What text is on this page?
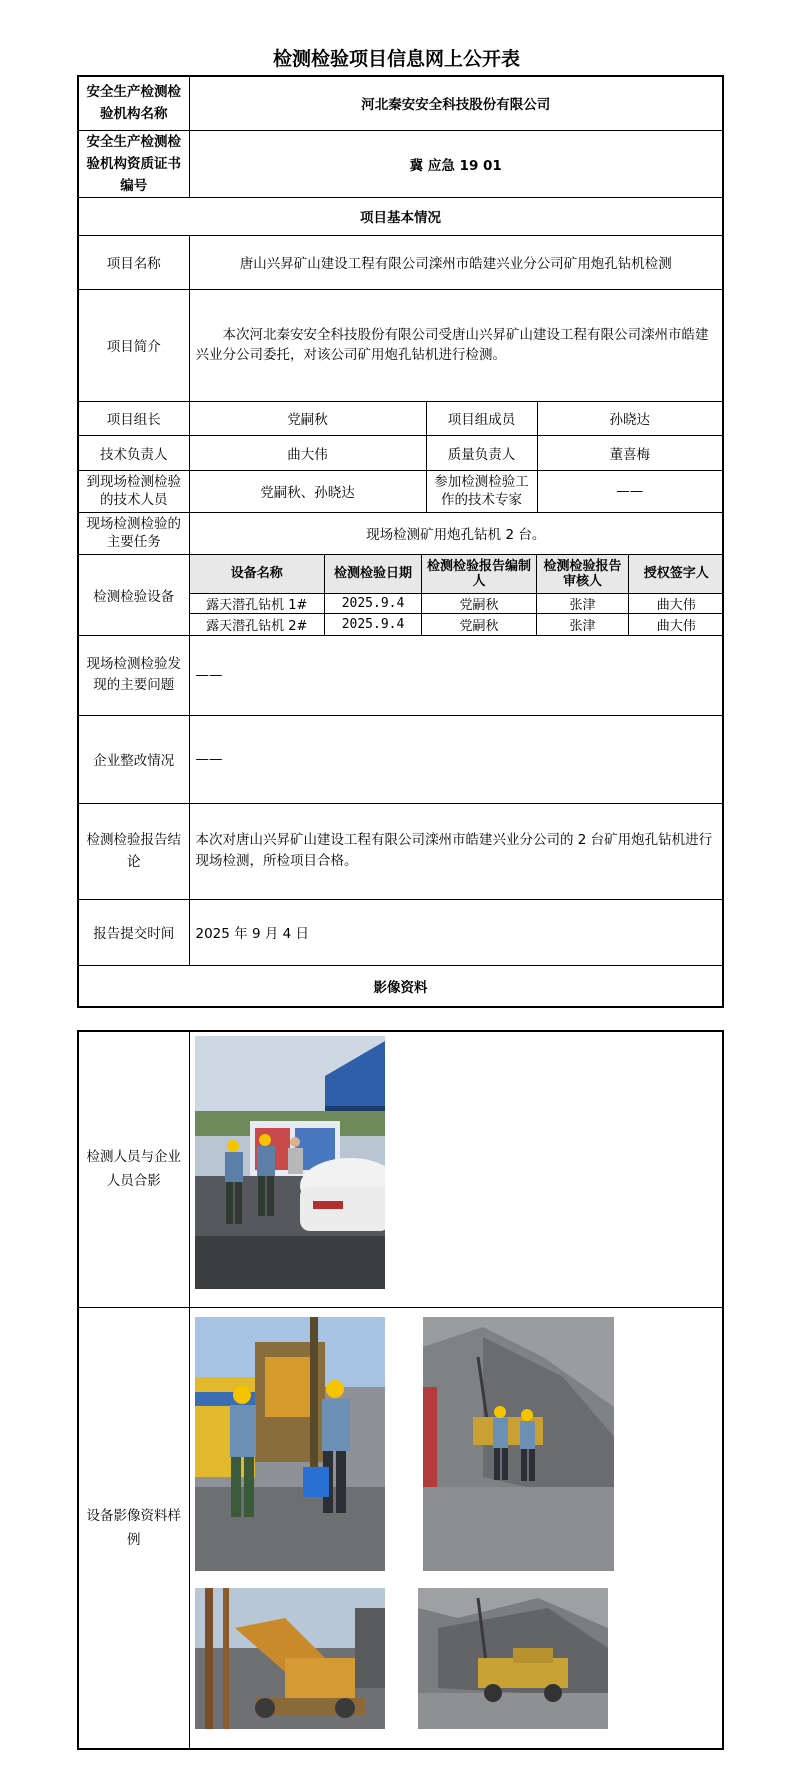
检测检验项目信息网上公开表
安全生产检测检验机构名称	河北秦安安全科技股份有限公司
安全生产检测检验机构资质证书编号	冀 应急 19 01
项目基本情况
项目名称	唐山兴昇矿山建设工程有限公司滦州市皓建兴业分公司矿用炮孔钻机检测
项目简介	本次河北秦安安全科技股份有限公司受唐山兴昇矿山建设工程有限公司滦州市皓建兴业分公司委托，对该公司矿用炮孔钻机进行检测。
项目组长	党嗣秋	项目组成员	孙晓达
技术负责人	曲大伟	质量负责人	董喜梅
到现场检测检验的技术人员	党嗣秋、孙晓达	参加检测检验工作的技术专家	——
现场检测检验的主要任务	现场检测矿用炮孔钻机 2 台。
检测检验设备	
设备名称	检测检验日期	检测检验报告编制人	检测检验报告审核人	授权签字人
露天潜孔钻机 1#	2025.9.4	党嗣秋	张津	曲大伟
露天潜孔钻机 2#	2025.9.4	党嗣秋	张津	曲大伟

现场检测检验发现的主要问题	——
企业整改情况	——
检测检验报告结论	本次对唐山兴昇矿山建设工程有限公司滦州市皓建兴业分公司的 2 台矿用炮孔钻机进行现场检测，所检项目合格。
报告提交时间	2025 年 9 月 4 日
影像资料
检测人员与企业人员合影	

设备影像资料样例	
